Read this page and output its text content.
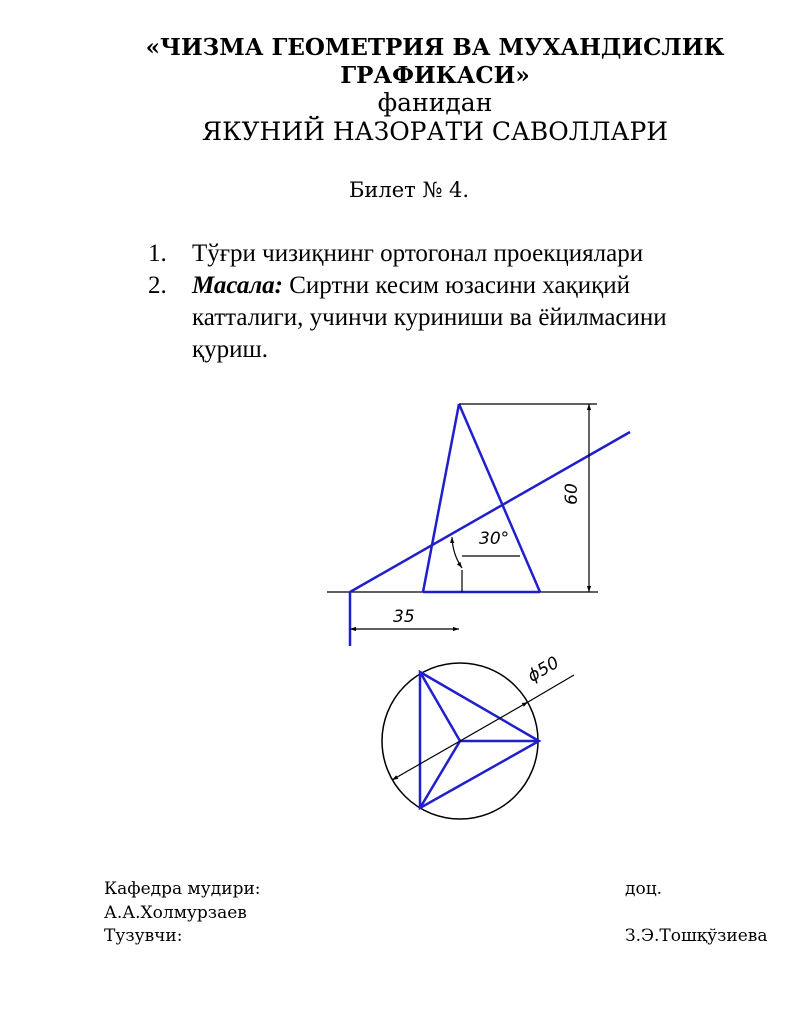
«ЧИЗМА ГЕОМЕТРИЯ ВА МУХАНДИСЛИК
ГРАФИКАСИ»
фанидан
ЯКУНИЙ НАЗОРАТИ САВОЛЛАРИ
Билет № 4.
1. Тўғри чизиқнинг ортогонал проекциялари
2. Масала: Сиртни кесим юзасини хақиқий
катталиги, учинчи куриниши ва ёйилмасини
қуриш.
60
30°
35
ϕ50
Кафедра мудири:
А.А.Холмурзаев
Тузувчи:
доц.
З.Э.Тошқўзиева
